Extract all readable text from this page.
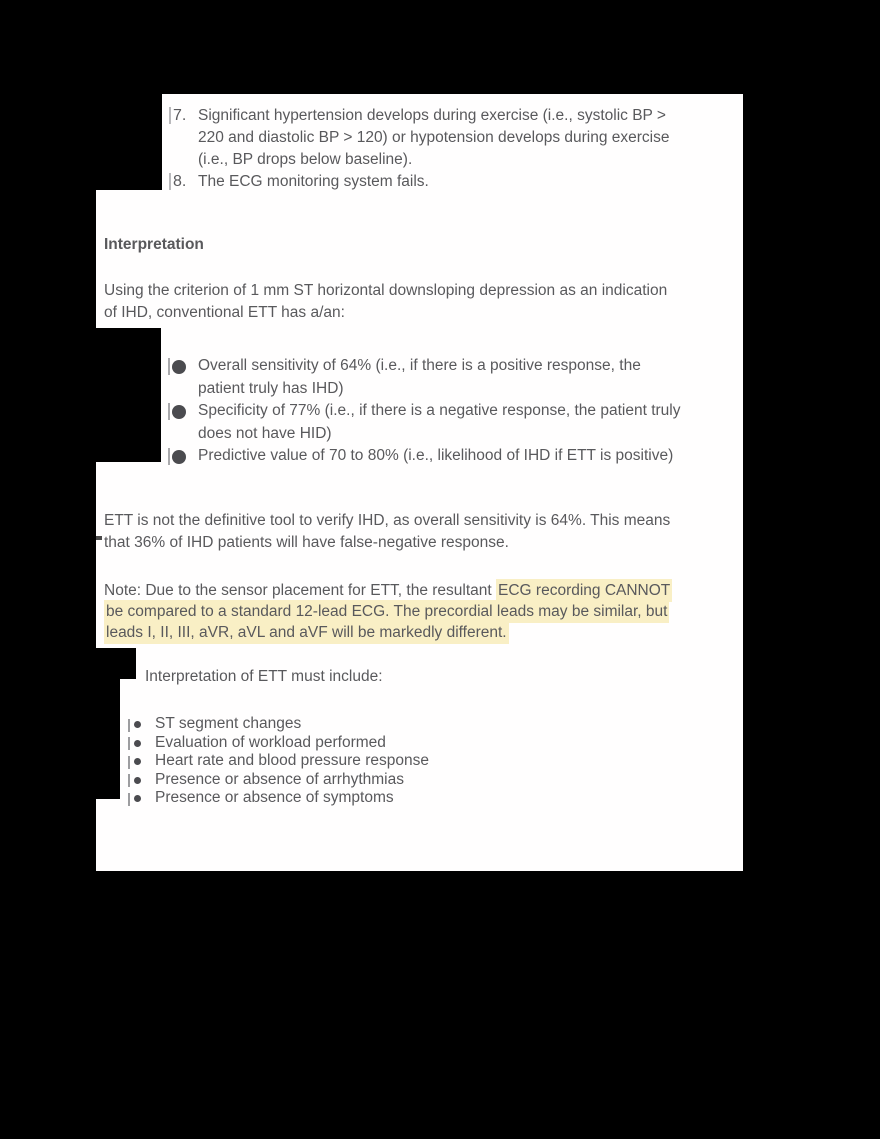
7. Significant hypertension develops during exercise (i.e., systolic BP >
220 and diastolic BP > 120) or hypotension develops during exercise
(i.e., BP drops below baseline).
8. The ECG monitoring system fails.
Interpretation
Using the criterion of 1 mm ST horizontal downsloping depression as an indication
of IHD, conventional ETT has a/an:
Overall sensitivity of 64% (i.e., if there is a positive response, the
patient truly has IHD)
Specificity of 77% (i.e., if there is a negative response, the patient truly
does not have HID)
Predictive value of 70 to 80% (i.e., likelihood of IHD if ETT is positive)
ETT is not the definitive tool to verify IHD, as overall sensitivity is 64%. This means
that 36% of IHD patients will have false-negative response.
Note: Due to the sensor placement for ETT, the resultant ECG recording CANNOT
be compared to a standard 12-lead ECG. The precordial leads may be similar, but
leads I, II, III, aVR, aVL and aVF will be markedly different.
Interpretation of ETT must include:
ST segment changes
Evaluation of workload performed
Heart rate and blood pressure response
Presence or absence of arrhythmias
Presence or absence of symptoms
